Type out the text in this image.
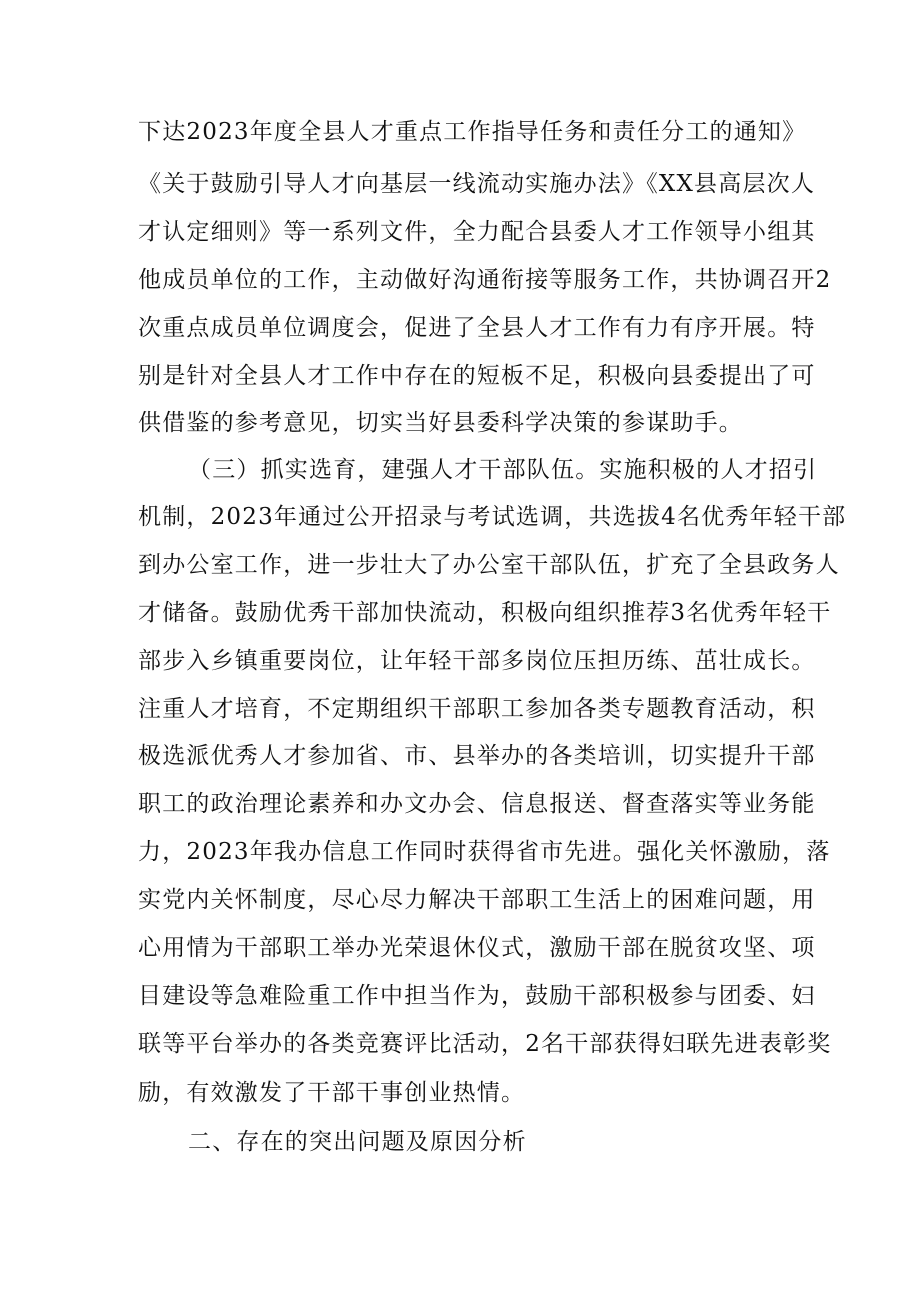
下达2023年度全县人才重点工作指导任务和责任分工的通知》
《关于鼓励引导人才向基层一线流动实施办法》《XX县高层次人
才认定细则》等一系列文件，全力配合县委人才工作领导小组其
他成员单位的工作，主动做好沟通衔接等服务工作，共协调召开2
次重点成员单位调度会，促进了全县人才工作有力有序开展。特
别是针对全县人才工作中存在的短板不足，积极向县委提出了可
供借鉴的参考意见，切实当好县委科学决策的参谋助手。
（三）抓实选育，建强人才干部队伍。实施积极的人才招引
机制，2023年通过公开招录与考试选调，共选拔4名优秀年轻干部
到办公室工作，进一步壮大了办公室干部队伍，扩充了全县政务人
才储备。鼓励优秀干部加快流动，积极向组织推荐3名优秀年轻干
部步入乡镇重要岗位，让年轻干部多岗位压担历练、茁壮成长。
注重人才培育，不定期组织干部职工参加各类专题教育活动，积
极选派优秀人才参加省、市、县举办的各类培训，切实提升干部
职工的政治理论素养和办文办会、信息报送、督查落实等业务能
力，2023年我办信息工作同时获得省市先进。强化关怀激励，落
实党内关怀制度，尽心尽力解决干部职工生活上的困难问题，用
心用情为干部职工举办光荣退休仪式，激励干部在脱贫攻坚、项
目建设等急难险重工作中担当作为，鼓励干部积极参与团委、妇
联等平台举办的各类竞赛评比活动，2名干部获得妇联先进表彰奖
励，有效激发了干部干事创业热情。
二、存在的突出问题及原因分析
